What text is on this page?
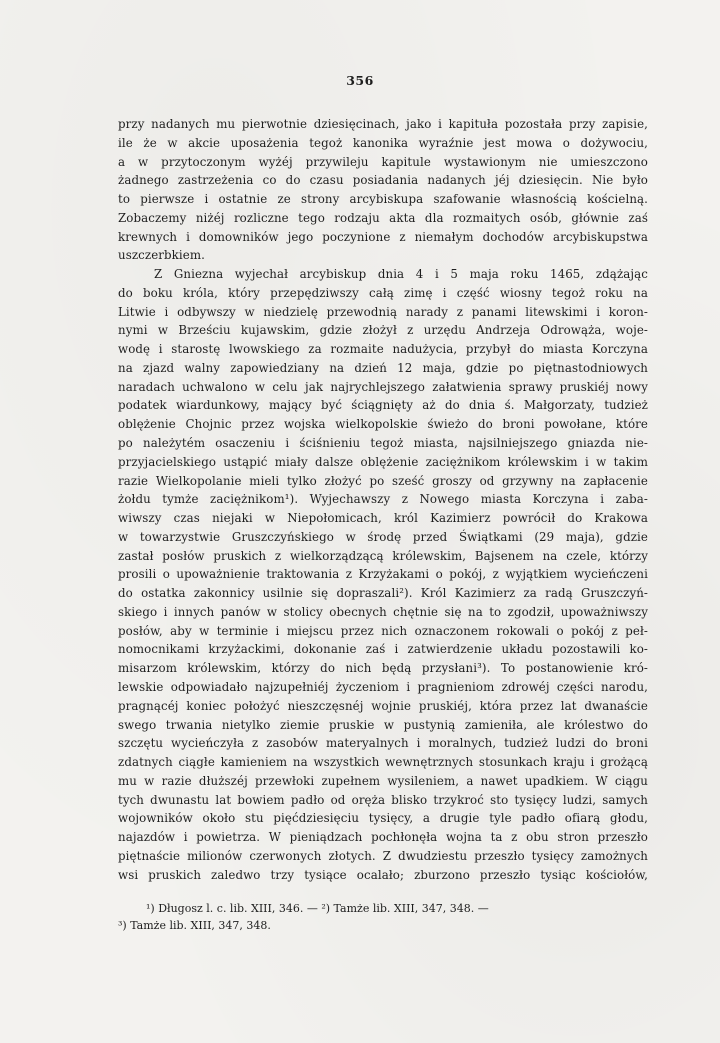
356
przy nadanych mu pierwotnie dziesięcinach, jako i kapituła pozostała przy zapisie,
ile że w akcie uposażenia tegoż kanonika wyraźnie jest mowa o dożywociu,
a w przytoczonym wyżéj przywileju kapitule wystawionym nie umieszczono
żadnego zastrzeżenia co do czasu posiadania nadanych jéj dziesięcin. Nie było
to pierwsze i ostatnie ze strony arcybiskupa szafowanie własnością kościelną.
Zobaczemy niżéj rozliczne tego rodzaju akta dla rozmaitych osób, głównie zaś
krewnych i domowników jego poczynione z niemałym dochodów arcybiskupstwa
uszczerbkiem.
Z Gniezna wyjechał arcybiskup dnia 4 i 5 maja roku 1465, zdążając
do boku króla, który przepędziwszy całą zimę i część wiosny tegoż roku na
Litwie i odbywszy w niedzielę przewodnią narady z panami litewskimi i koron-
nymi w Brześciu kujawskim, gdzie złożył z urzędu Andrzeja Odrowąża, woje-
wodę i starostę lwowskiego za rozmaite nadużycia, przybył do miasta Korczyna
na zjazd walny zapowiedziany na dzień 12 maja, gdzie po piętnastodniowych
naradach uchwalono w celu jak najrychlejszego załatwienia sprawy pruskiéj nowy
podatek wiardunkowy, mający być ściągnięty aż do dnia ś. Małgorzaty, tudzież
oblężenie Chojnic przez wojska wielkopolskie świeżo do broni powołane, które
po należytém osaczeniu i ściśnieniu tegoż miasta, najsilniejszego gniazda nie-
przyjacielskiego ustąpić miały dalsze oblężenie zaciężnikom królewskim i w takim
razie Wielkopolanie mieli tylko złożyć po sześć groszy od grzywny na zapłacenie
żołdu tymże zaciężnikom¹). Wyjechawszy z Nowego miasta Korczyna i zaba-
wiwszy czas niejaki w Niepołomicach, król Kazimierz powrócił do Krakowa
w towarzystwie Gruszczyńskiego w środę przed Świątkami (29 maja), gdzie
zastał posłów pruskich z wielkorządzącą królewskim, Bajsenem na czele, którzy
prosili o upoważnienie traktowania z Krzyżakami o pokój, z wyjątkiem wycieńczeni
do ostatka zakonnicy usilnie się dopraszali²). Król Kazimierz za radą Gruszczyń-
skiego i innych panów w stolicy obecnych chętnie się na to zgodził, upoważniwszy
posłów, aby w terminie i miejscu przez nich oznaczonem rokowali o pokój z peł-
nomocnikami krzyżackimi, dokonanie zaś i zatwierdzenie układu pozostawili ko-
misarzom królewskim, którzy do nich będą przysłani³). To postanowienie kró-
lewskie odpowiadało najzupełniéj życzeniom i pragnieniom zdrowéj części narodu,
pragnącéj koniec położyć nieszczęsnéj wojnie pruskiéj, która przez lat dwanaście
swego trwania nietylko ziemie pruskie w pustynią zamieniła, ale królestwo do
szczętu wycieńczyła z zasobów materyalnych i moralnych, tudzież ludzi do broni
zdatnych ciągłe kamieniem na wszystkich wewnętrznych stosunkach kraju i grożącą
mu w razie dłuższéj przewłoki zupełnem wysileniem, a nawet upadkiem. W ciągu
tych dwunastu lat bowiem padło od oręża blisko trzykroć sto tysięcy ludzi, samych
wojowników około stu pięćdziesięciu tysięcy, a drugie tyle padło ofiarą głodu,
najazdów i powietrza. W pieniądzach pochłonęła wojna ta z obu stron przeszło
piętnaście milionów czerwonych złotych. Z dwudziestu przeszło tysięcy zamożnych
wsi pruskich zaledwo trzy tysiące ocalało; zburzono przeszło tysiąc kościołów,
¹) Długosz l. c. lib. XIII, 346. — ²) Tamże lib. XIII, 347, 348. —
³) Tamże lib. XIII, 347, 348.
